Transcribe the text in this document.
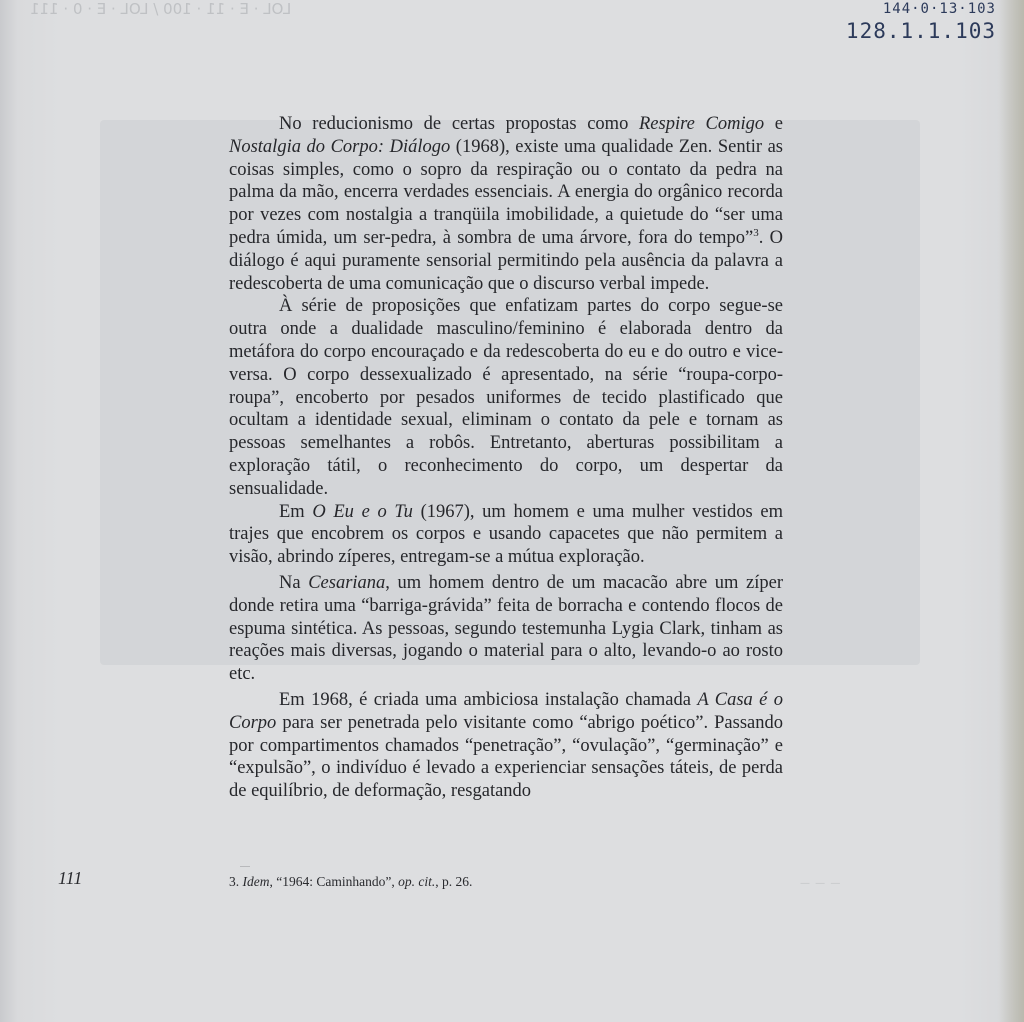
LOL · E · 11 · 100 / LOL · E · 0 · 111	144·0·13·103
128.1.1.103

No reducionismo de certas propostas como Respire Comigo e Nostalgia do Corpo: Diálogo (1968), existe uma qualidade Zen. Sentir as coisas simples, como o sopro da respiração ou o contato da pedra na palma da mão, encerra verdades essenciais. A energia do orgânico recorda por vezes com nostalgia a tranqüila imobilidade, a quietude do “ser uma pedra úmida, um ser-pedra, à sombra de uma árvore, fora do tempo”$^3$. O diálogo é aqui puramente sensorial permitindo pela ausência da palavra a redescoberta de uma comunicação que o discurso verbal impede.

À série de proposições que enfatizam partes do corpo segue-se outra onde a dualidade masculino/feminino é elaborada dentro da metáfora do corpo encouraçado e da redescoberta do eu e do outro e vice-versa. O corpo dessexualizado é apresentado, na série “roupa-corpo-roupa”, encoberto por pesados uniformes de tecido plastificado que ocultam a identidade sexual, eliminam o contato da pele e tornam as pessoas semelhantes a robôs. Entretanto, aberturas possibilitam a exploração tátil, o reconhecimento do corpo, um despertar da sensualidade.

Em O Eu e o Tu (1967), um homem e uma mulher vestidos em trajes que encobrem os corpos e usando capacetes que não permitem a visão, abrindo zíperes, entregam-se a mútua exploração.

Na Cesariana, um homem dentro de um macacão abre um zíper donde retira uma “barriga-grávida” feita de borracha e contendo flocos de espuma sintética. As pessoas, segundo testemunha Lygia Clark, tinham as reações mais diversas, jogando o material para o alto, levando-o ao rosto etc.

Em 1968, é criada uma ambiciosa instalação chamada A Casa é o Corpo para ser penetrada pelo visitante como “abrigo poético”. Passando por compartimentos chamados “penetração”, “ovulação”, “germinação” e “expulsão”, o indivíduo é levado a experienciar sensações táteis, de perda de equilíbrio, de deformação, resgatando

111	3. Idem, “1964: Caminhando”, op. cit., p. 26.	— — —
